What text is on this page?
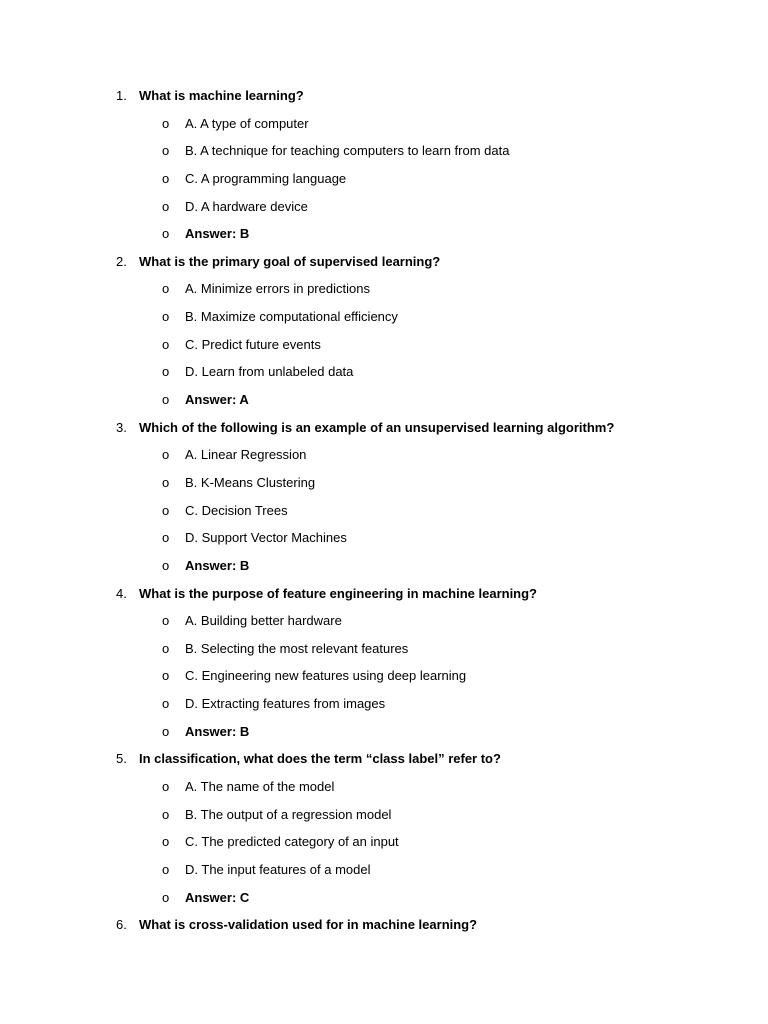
1. What is machine learning?
o A. A type of computer
o B. A technique for teaching computers to learn from data
o C. A programming language
o D. A hardware device
o Answer: B
2. What is the primary goal of supervised learning?
o A. Minimize errors in predictions
o B. Maximize computational efficiency
o C. Predict future events
o D. Learn from unlabeled data
o Answer: A
3. Which of the following is an example of an unsupervised learning algorithm?
o A. Linear Regression
o B. K-Means Clustering
o C. Decision Trees
o D. Support Vector Machines
o Answer: B
4. What is the purpose of feature engineering in machine learning?
o A. Building better hardware
o B. Selecting the most relevant features
o C. Engineering new features using deep learning
o D. Extracting features from images
o Answer: B
5. In classification, what does the term “class label” refer to?
o A. The name of the model
o B. The output of a regression model
o C. The predicted category of an input
o D. The input features of a model
o Answer: C
6. What is cross-validation used for in machine learning?
